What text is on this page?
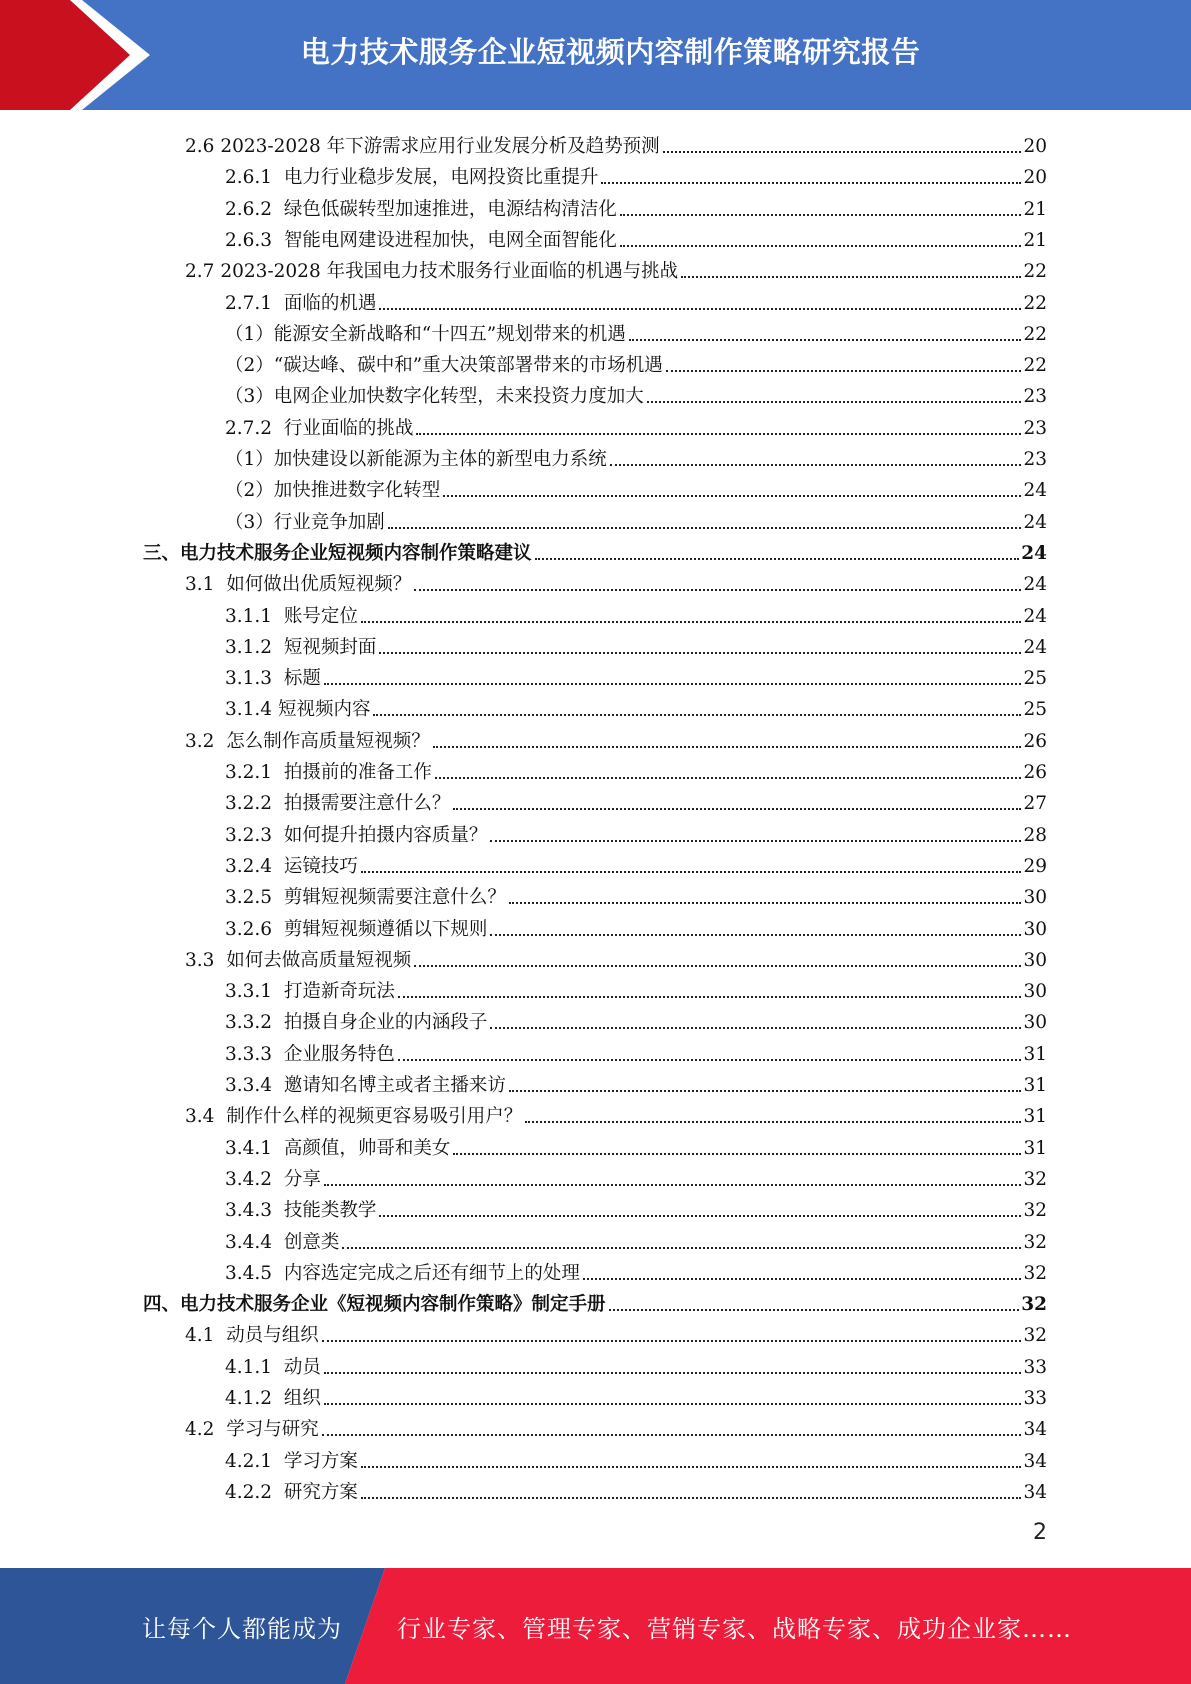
电力技术服务企业短视频内容制作策略研究报告
2.6 2023-2028 年下游需求应用行业发展分析及趋势预测	20
2.6.1 电力行业稳步发展，电网投资比重提升	20
2.6.2 绿色低碳转型加速推进，电源结构清洁化	21
2.6.3 智能电网建设进程加快，电网全面智能化	21
2.7 2023-2028 年我国电力技术服务行业面临的机遇与挑战	22
2.7.1 面临的机遇	22
（1） 能源安全新战略和“十四五”规划带来的机遇	22
（2） “碳达峰、碳中和”重大决策部署带来的市场机遇	22
（3） 电网企业加快数字化转型，未来投资力度加大	23
2.7.2 行业面临的挑战	23
（1） 加快建设以新能源为主体的新型电力系统	23
（2） 加快推进数字化转型	24
（3） 行业竞争加剧	24
三、 电力技术服务企业短视频内容制作策略建议	24
3.1 如何做出优质短视频？	24
3.1.1 账号定位	24
3.1.2 短视频封面	24
3.1.3 标题	25
3.1.4 短视频内容	25
3.2 怎么制作高质量短视频？	26
3.2.1 拍摄前的准备工作	26
3.2.2 拍摄需要注意什么？	27
3.2.3 如何提升拍摄内容质量？	28
3.2.4 运镜技巧	29
3.2.5 剪辑短视频需要注意什么？	30
3.2.6 剪辑短视频遵循以下规则	30
3.3 如何去做高质量短视频	30
3.3.1 打造新奇玩法	30
3.3.2 拍摄自身企业的内涵段子	30
3.3.3 企业服务特色	31
3.3.4 邀请知名博主或者主播来访	31
3.4 制作什么样的视频更容易吸引用户？	31
3.4.1 高颜值，帅哥和美女	31
3.4.2 分享	32
3.4.3 技能类教学	32
3.4.4 创意类	32
3.4.5 内容选定完成之后还有细节上的处理	32
四、 电力技术服务企业《短视频内容制作策略》制定手册	32
4.1 动员与组织	32
4.1.1 动员	33
4.1.2 组织	33
4.2 学习与研究	34
4.2.1 学习方案	34
4.2.2 研究方案	34
2
让每个人都能成为 行业专家、管理专家、营销专家、战略专家、成功企业家……
